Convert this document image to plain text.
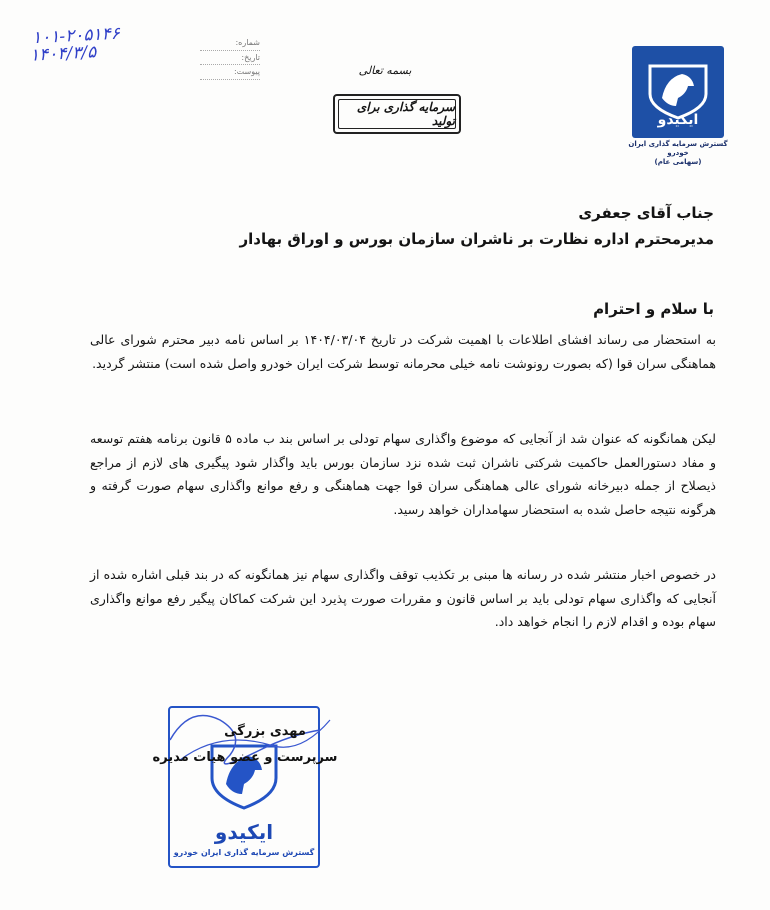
شماره:
تاریخ:
پیوست:
۱۰۱-۲۰۵۱۴۶
۱۴۰۴/۳/۵
بسمه تعالی
سرمایه گذاری برای تولید	ایکیدو
گسترش سرمایه گذاری ایران خودرو
(سهامی عام)
جناب آقای جعفری
مدیرمحترم اداره نظارت بر ناشران سازمان بورس و اوراق بهادار
با سلام و احترام
به استحضار می رساند افشای اطلاعات با اهمیت شرکت در تاریخ ۱۴۰۴/۰۳/۰۴ بر اساس نامه دبیر محترم شورای عالی هماهنگی سران قوا (که بصورت رونوشت نامه خیلی محرمانه توسط شرکت ایران خودرو واصل شده است) منتشر گردید.
لیکن همانگونه که عنوان شد از آنجایی که موضوع واگذاری سهام تودلی بر اساس بند ب ماده ۵ قانون برنامه هفتم توسعه و مفاد دستورالعمل حاکمیت شرکتی ناشران ثبت شده نزد سازمان بورس باید واگذار شود پیگیری های لازم از مراجع ذیصلاح از جمله دبیرخانه شورای عالی هماهنگی سران قوا جهت هماهنگی و رفع موانع واگذاری سهام صورت گرفته و هرگونه نتیجه حاصل شده به استحضار سهامداران خواهد رسید.
در خصوص اخبار منتشر شده در رسانه ها مبنی بر تکذیب توقف واگذاری سهام نیز همانگونه که در بند قبلی اشاره شده از آنجایی که واگذاری سهام تودلی باید بر اساس قانون و مقررات صورت پذیرد این شرکت کماکان پیگیر رفع موانع واگذاری سهام بوده و اقدام لازم را انجام خواهد داد.
ایکیدو
گسترش سرمایه گذاری ایران خودرو
مهدی بزرگی
سرپرست و عضو هیات مدیره
